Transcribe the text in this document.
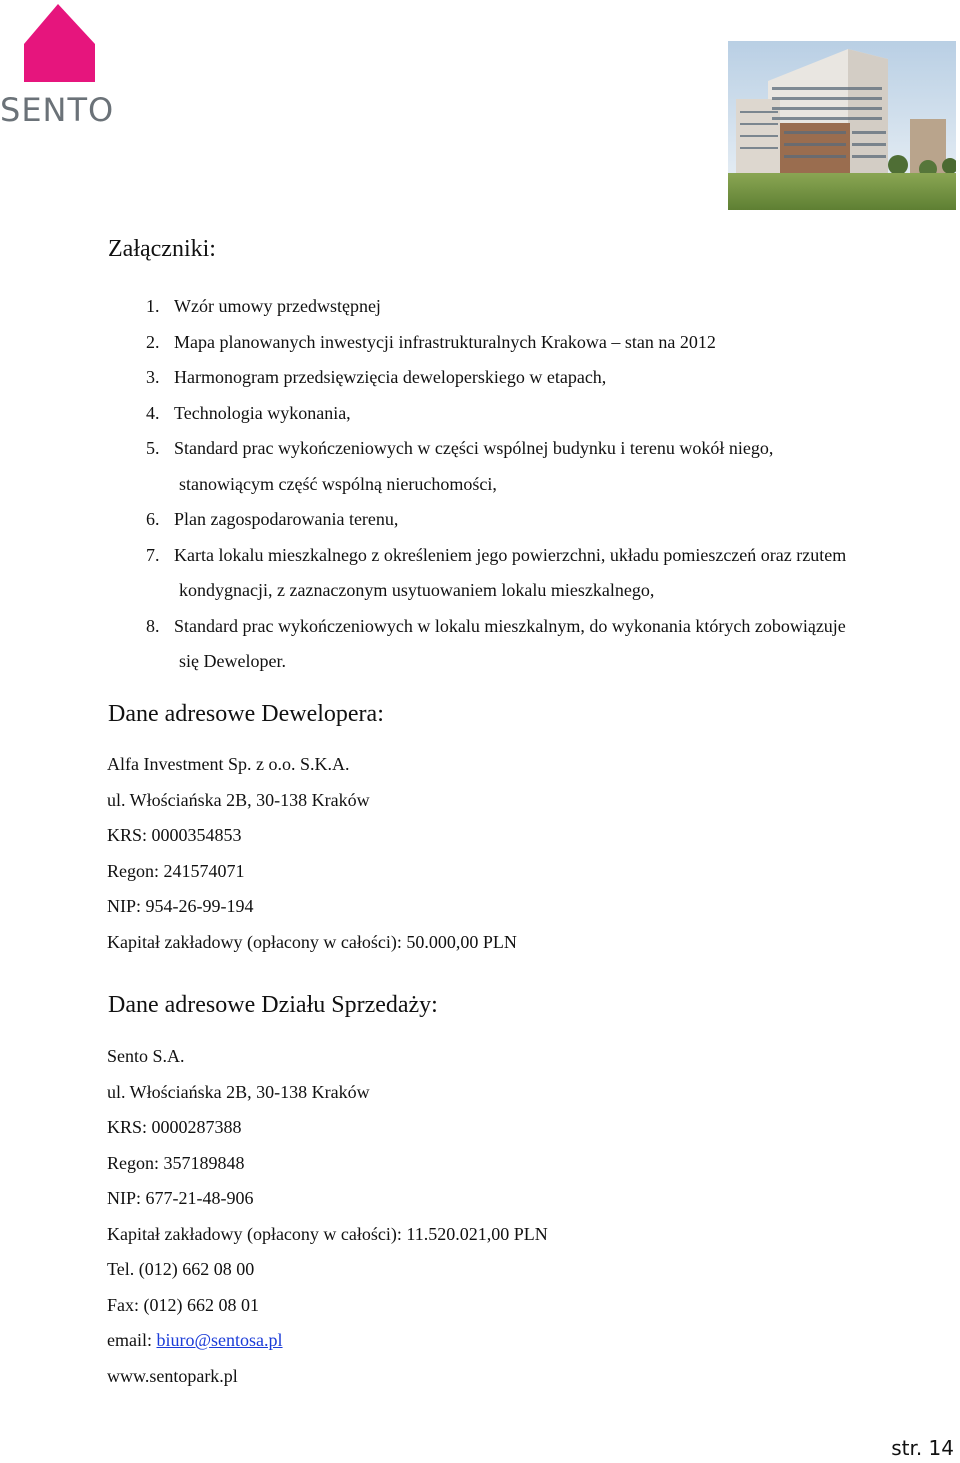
SENTO
Załączniki:
1. Wzór umowy przedwstępnej
2. Mapa planowanych inwestycji infrastrukturalnych Krakowa – stan na 2012
3. Harmonogram przedsięwzięcia deweloperskiego w etapach,
4. Technologia wykonania,
5. Standard prac wykończeniowych w części wspólnej budynku i terenu wokół niego,
stanowiącym część wspólną nieruchomości,
6. Plan zagospodarowania terenu,
7. Karta lokalu mieszkalnego z określeniem jego powierzchni, układu pomieszczeń oraz rzutem
kondygnacji, z zaznaczonym usytuowaniem lokalu mieszkalnego,
8. Standard prac wykończeniowych w lokalu mieszkalnym, do wykonania których zobowiązuje
się Deweloper.
Dane adresowe Dewelopera:
Alfa Investment Sp. z o.o. S.K.A.
ul. Włościańska 2B, 30-138 Kraków
KRS: 0000354853
Regon: 241574071
NIP: 954-26-99-194
Kapitał zakładowy (opłacony w całości): 50.000,00 PLN
Dane adresowe Działu Sprzedaży:
Sento S.A.
ul. Włościańska 2B, 30-138 Kraków
KRS: 0000287388
Regon: 357189848
NIP: 677-21-48-906
Kapitał zakładowy (opłacony w całości): 11.520.021,00 PLN
Tel. (012) 662 08 00
Fax: (012) 662 08 01
email: biuro@sentosa.pl
www.sentopark.pl
str. 14
